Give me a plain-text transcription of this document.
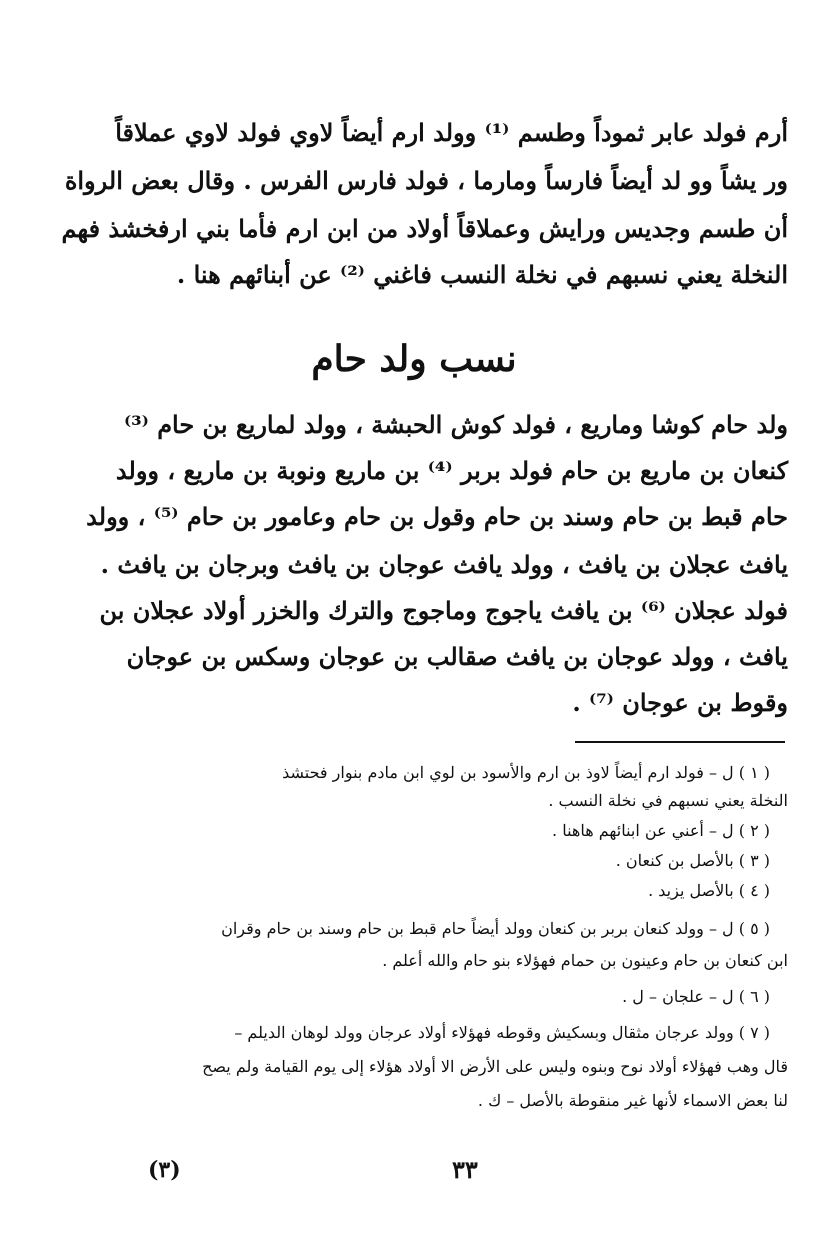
أرم فولد عابر ثموداً وطسم ⁽¹⁾ وولد ارم أيضاً لاوي فولد لاوي عملاقاً
ور يشاً وو لد أيضاً فارساً ومارما ، فولد فارس الفرس . وقال بعض الرواة
أن طسم وجديس ورايش وعملاقاً أولاد من ابن ارم فأما بني ارفخشذ فهم
النخلة يعني نسبهم في نخلة النسب فاغني ⁽²⁾ عن أبنائهم هنا .
نسب ولد حام
ولد حام كوشا وماريع ، فولد كوش الحبشة ، وولد لماريع بن حام ⁽³⁾
كنعان بن ماريع بن حام فولد بربر ⁽⁴⁾ بن ماريع ونوبة بن ماريع ، وولد
حام قبط بن حام وسند بن حام وقول بن حام وعامور بن حام ⁽⁵⁾ ، وولد
يافث عجلان بن يافث ، وولد يافث عوجان بن يافث وبرجان بن يافث .
فولد عجلان ⁽⁶⁾ بن يافث ياجوج وماجوج والترك والخزر أولاد عجلان بن
يافث ، وولد عوجان بن يافث صقالب بن عوجان وسكس بن عوجان
وقوط بن عوجان ⁽⁷⁾ .
( ١ ) ل – فولد ارم أيضاً لاوذ بن ارم والأسود بن لوي ابن مادم بنوار فحتشذ
النخلة يعني نسبهم في نخلة النسب .
( ٢ ) ل – أعني عن ابنائهم هاهنا .
( ٣ ) بالأصل بن كنعان .
( ٤ ) بالأصل يزيد .
( ٥ ) ل – وولد كنعان بربر بن كنعان وولد أيضاً حام قبط بن حام وسند بن حام وقران
ابن كنعان بن حام وعينون بن حمام فهؤلاء بنو حام والله أعلم .
( ٦ ) ل – علجان – ل .
( ٧ ) وولد عرجان مثقال وبسكيش وقوطه فهؤلاء أولاد عرجان وولد لوهان الديلم –
قال وهب فهؤلاء أولاد نوح وبنوه وليس على الأرض الا أولاد هؤلاء إلى يوم القيامة ولم يصح
لنا بعض الاسماء لأنها غير منقوطة بالأصل – ك .
٣٣
(٣)
